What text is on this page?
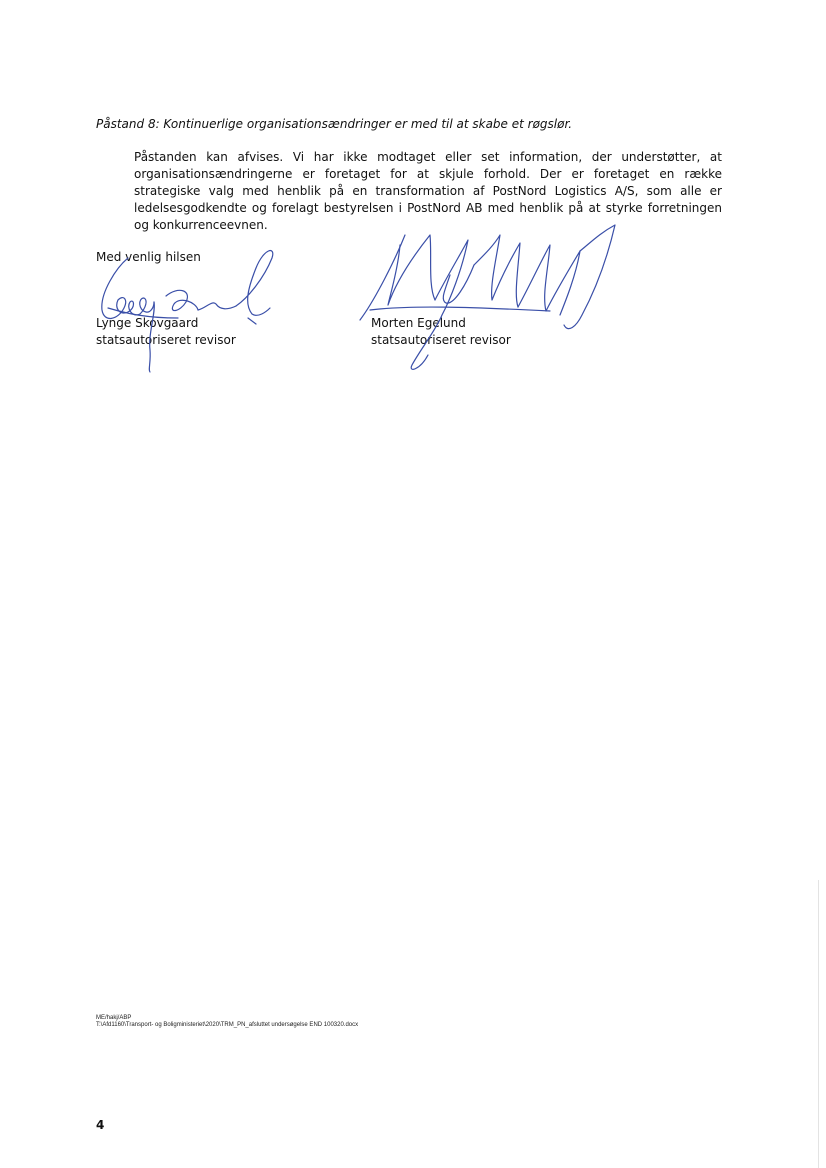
Påstand 8: Kontinuerlige organisationsændringer er med til at skabe et røgslør.
Påstanden kan afvises. Vi har ikke modtaget eller set information, der understøtter, at organisationsændringerne er foretaget for at skjule forhold. Der er foretaget en række strategiske valg med henblik på en transformation af PostNord Logistics A/S, som alle er ledelsesgodkendte og forelagt bestyrelsen i PostNord AB med henblik på at styrke forretningen og konkurrenceevnen.
Med venlig hilsen
Lynge Skovgaard
statsautoriseret revisor
Morten Egelund
statsautoriseret revisor
ME/hakj/ABP
T:\Afd1160\Transport- og Boligministeriet\2020\TRM_PN_afsluttet undersøgelse END 100320.docx
4
